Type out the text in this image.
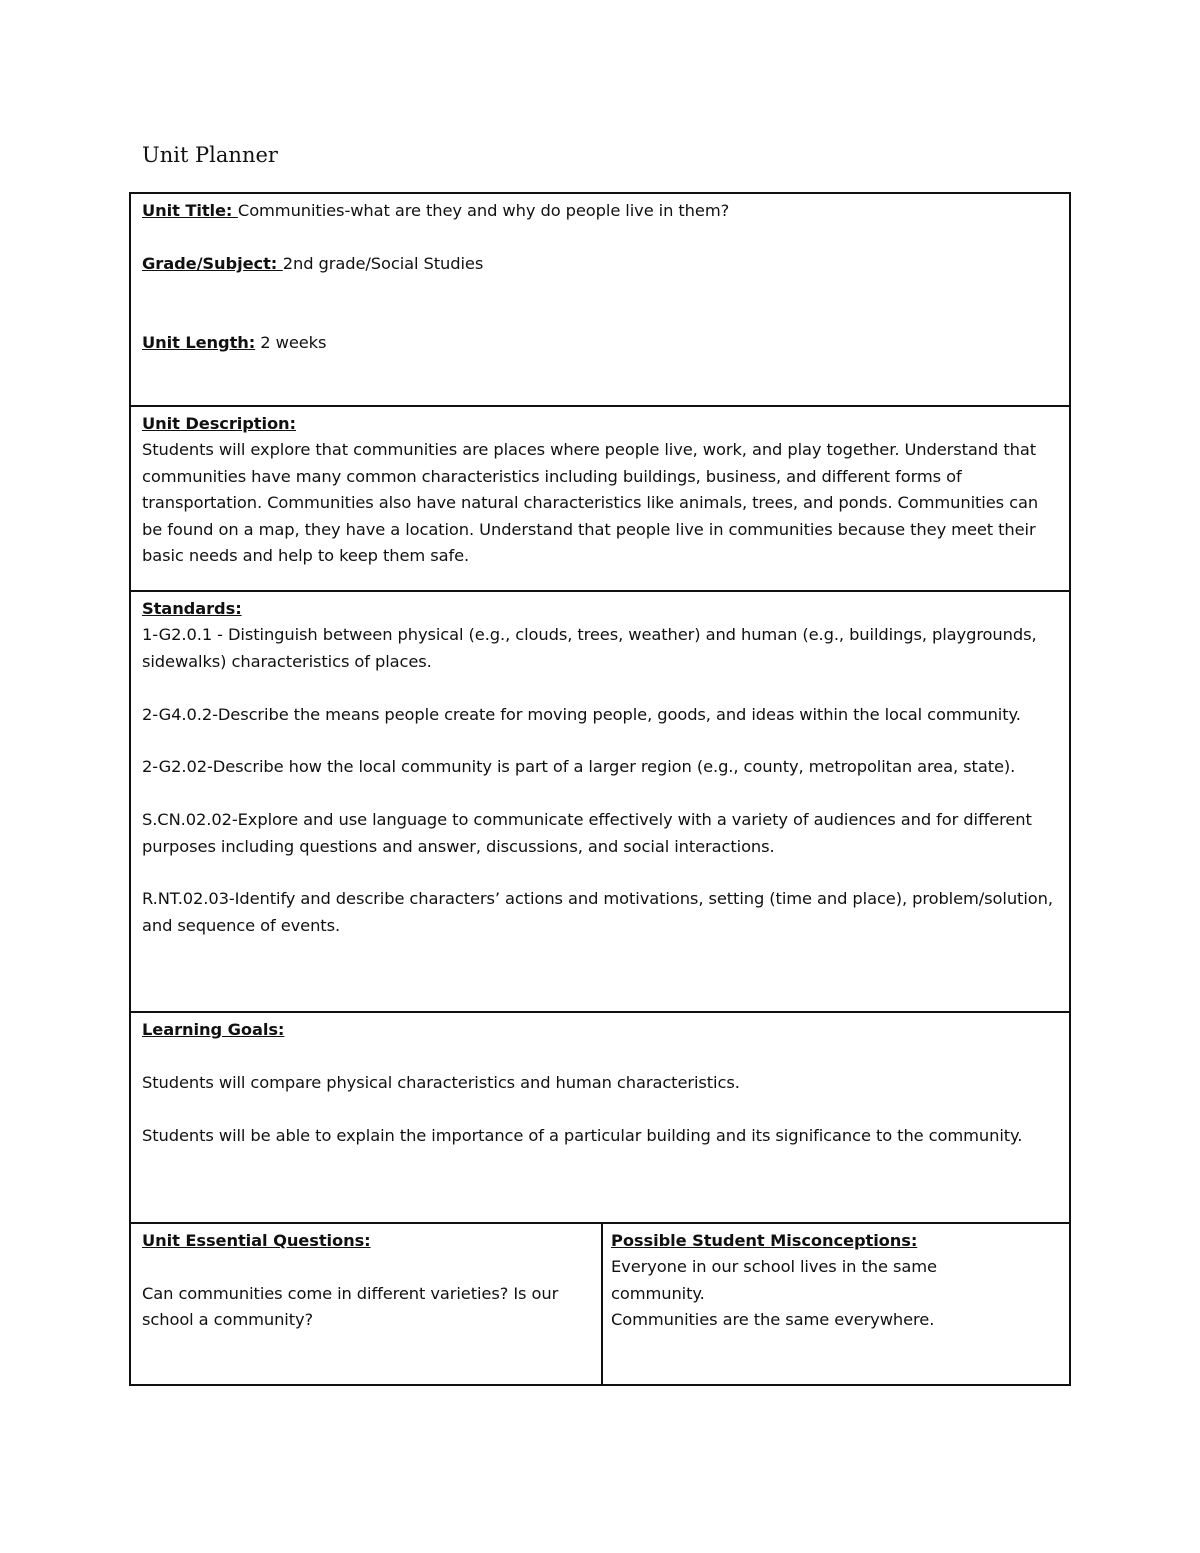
Unit Planner

Unit Title: Communities-what are they and why do people live in them?

Grade/Subject: 2nd grade/Social Studies

Unit Length: 2 weeks

Unit Description:

Students will explore that communities are places where people live, work, and play together. Understand that communities have many common characteristics including buildings, business, and different forms of transportation. Communities also have natural characteristics like animals, trees, and ponds. Communities can be found on a map, they have a location. Understand that people live in communities because they meet their basic needs and help to keep them safe.

Standards:

1-G2.0.1 - Distinguish between physical (e.g., clouds, trees, weather) and human (e.g., buildings, playgrounds, sidewalks) characteristics of places.

2-G4.0.2-Describe the means people create for moving people, goods, and ideas within the local community.

2-G2.02-Describe how the local community is part of a larger region (e.g., county, metropolitan area, state).

S.CN.02.02-Explore and use language to communicate effectively with a variety of audiences and for different purposes including questions and answer, discussions, and social interactions.

R.NT.02.03-Identify and describe characters’ actions and motivations, setting (time and place), problem/solution, and sequence of events.

Learning Goals:

Students will compare physical characteristics and human characteristics.

Students will be able to explain the importance of a particular building and its significance to the community.

Unit Essential Questions:

Can communities come in different varieties? Is our school a community?

Possible Student Misconceptions:

Everyone in our school lives in the same community.

Communities are the same everywhere.
